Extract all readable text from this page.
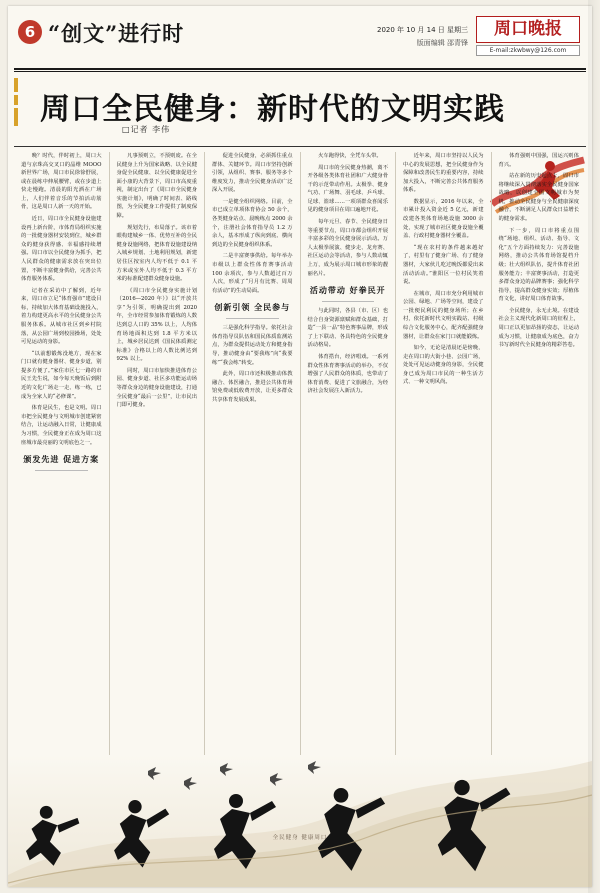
6 “创文”进行时	2020 年 10 月 14 日 星期三
版面编辑 邵青锋
周口晚报
E-mail:zkwbwy@126.com
周口全民健身：新时代的文明实践
□记者 李伟

晚？时代，伴时初上，周口大道与京珠高交叉口的晶维 MOOO 新世界广场，周口市民徐徐舒展，或在晨练中伸展腰臂，或在步道上快走慢跑。清晨的阳光洒在广场上，人们伴着音乐的节拍活动筋骨，这是周口人新一天的开始。

近日，周口市全民健身设施建设再上新台阶，市体育局组织实施的一批健身器材安装到位，城乡群众的健身获得感、幸福感持续增强。周口市以全民健身为抓手，把人民群众的健康需求放在突出位置，不断丰富健身供给，完善公共体育服务体系。

记者在采访中了解到，近年来，周口市立足“体育强市”建设目标，持续加大体育基础设施投入，着力构建更高水平的全民健身公共服务体系。从城市社区到乡村院落，从公园广场到校园操场，处处可见运动的身影。

“以前想锻炼没地方，现在家门口就有健身器材、健身步道，别提多方便了。”家住市区七一路的市民王先生说，如今每天晚饭后到附近的文化广场走一走、练一练，已成为全家人的“必修课”。

体育是民生，也是文明。周口市把全民健身与文明城市创建紧密结合，让运动融入日常，让健康成为习惯，全民健身正在成为周口这座城市最亮丽的文明底色之一。

颁发先进 促进方案

凡事预则立，不预则废。在全民健身上升为国家战略、以全民健身促全民健康、以全民健康促进全面小康的大背景下，周口市高度重视，制定出台了《周口市全民健身实施计划》，明确了时间表、路线图，为全民健身工作提供了制度保障。

规划先行，布局落子。该市着眼构建城乡一体、优势互补的全民健身设施网络，把体育设施建设纳入城乡规划、土地利用规划，新建居住区按室内人均不低于 0.1 平方米或室外人均不低于 0.3 平方米的标准配建群众健身设施。

《周口市全民健身实施计划（2016—2020 年）》以“开放共享”为引领，明确提出到 2020 年，全市经常参加体育锻炼的人数达到总人口的 35% 以上，人均体育场地面积达到 1.8 平方米以上，城乡居民达到《国民体质测定标准》合格以上的人数比例达到 92% 以上。

同时，周口市加快推进体育公园、健身步道、社区多功能运动场等群众身边的健身设施建设，打通全民健身“最后一公里”，让市民出门即可健身。

促进全民健身，必须抓住重点群体、关键环节。周口市坚持创新引领，从组织、赛事、服务等多个维度发力，推动全民健身活动广泛深入开展。

一是健全组织网络。目前，全市已成立单项体育协会 50 余个，各类健身站点、晨晚练点 2000 余个，注册社会体育指导员 1.2 万余人，基本形成了纵向到底、横向到边的全民健身组织体系。

二是丰富赛事供给。每年举办市级以上群众性体育赛事活动 100 余项次，参与人数超过百万人次，形成了“月月有比赛、周周有活动”的生动局面。

创新引领 全民参与

三是强化科学指导。依托社会体育指导员队伍和国民体质监测站点，为群众提供运动处方和健身指导，推动健身由“要我练”向“我要练”“我会练”转变。

此外，周口市还积极推动体教融合、体医融合，推进公共体育场馆免费或低收费开放，让更多群众共享体育发展成果。

火车跑得快，全凭车头带。

周口市的全民健身热潮，离不开各级各类体育社团和广大健身骨干的示范带动作用。太极拳、健身气功、广场舞、羽毛球、乒乓球、足球、篮球……一项项群众喜闻乐见的健身项目在周口遍地开花。

每年元旦、春节、全民健身日等重要节点，周口市都会组织开展丰富多彩的全民健身展示活动。万人太极拳展演、健步走、龙舟赛、社区运动会等活动，参与人数动辄上万，成为展示周口城市形象的靓丽名片。

活动带动 好拳民开

与此同时，各县（市、区）也结合自身资源禀赋和群众基础，打造“一县一品”特色赛事品牌，形成了上下联动、各具特色的全民健身活动格局。

体育搭台，经济唱戏。一系列群众性体育赛事活动的举办，不仅增强了人民群众的体质，也带动了体育消费、促进了文旅融合，为经济社会发展注入新活力。

近年来，周口市坚持以人民为中心的发展思想，把全民健身作为保障和改善民生的重要内容，持续加大投入，不断完善公共体育服务体系。

数据显示，2016 年以来，全市累计投入资金近 5 亿元，新建改建各类体育场地设施 3000 余处，实现了城市社区健身设施全覆盖、行政村健身器材全覆盖。

“现在农村的条件越来越好了，村里有了健身广场、有了健身器材，大家伙儿吃过晚饭都爱出来活动活动。”淮阳区一位村民笑着说。

在城市，周口市充分利用城市公园、绿地、广场等空间，建设了一批便民利民的健身场所；在乡村，依托新时代文明实践站、村级综合文化服务中心，配齐配强健身器材，让群众在家门口就能锻炼。

如今，无论是清晨还是傍晚，走在周口的大街小巷、公园广场，处处可见运动健身的身影，全民健身已成为周口市民的一种生活方式、一种文明风尚。

体育强则中国强，国运兴则体育兴。

站在新的历史起点上，周口市将继续深入贯彻落实全民健身国家战略，以创建全国文明城市为契机，推动全民健身与全民健康深度融合，不断满足人民群众日益增长的健身需求。

下一步，周口市将重点围绕“场地、组织、活动、指导、文化”五个方面持续发力：完善设施网络，推动公共体育场馆提档升级；壮大组织队伍，提升体育社团服务能力；丰富赛事活动，打造更多群众身边的品牌赛事；强化科学指导，提高群众健身实效；厚植体育文化，讲好周口体育故事。

全民健身，永无止境。在建设社会主义现代化新周口的征程上，周口正以更加昂扬的姿态，让运动成为习惯，让健康成为底色，奋力书写新时代全民健身的精彩答卷。

全民健身 健康周口
